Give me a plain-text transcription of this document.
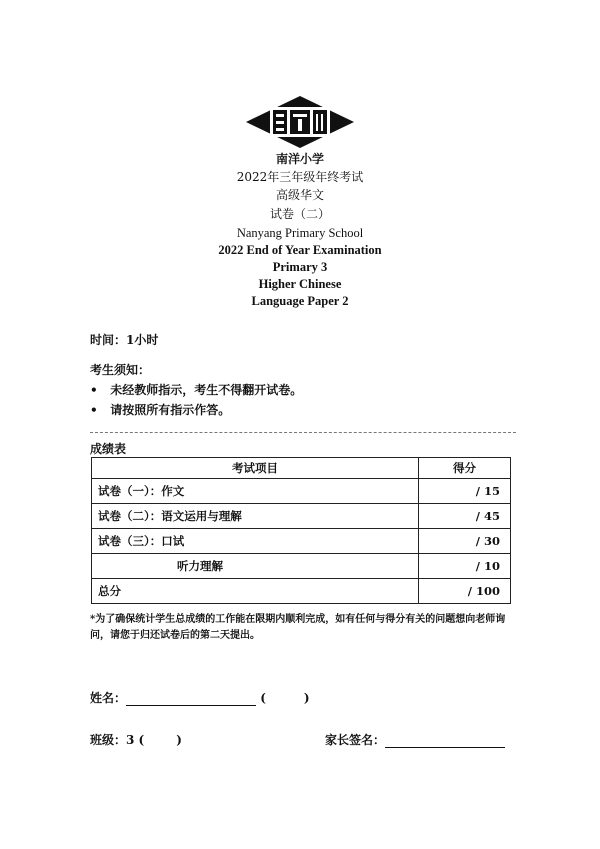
南洋小学
2022年三年级年终考试
高级华文
试卷（二）
Nanyang Primary School
2022 End of Year Examination
Primary 3
Higher Chinese
Language Paper 2
时间：1小时
考生须知：
• 未经教师指示，考生不得翻开试卷。
• 请按照所有指示作答。
成绩表
考试项目	得分
试卷（一）：作文	/ 15
试卷（二）：语文运用与理解	/ 45
试卷（三）：口试	/ 30
听力理解	/ 10
总分	/ 100
*为了确保统计学生总成绩的工作能在限期内顺利完成，如有任何与得分有关的问题想向老师询问，请您于归还试卷后的第二天提出。
姓名：	(	)
班级：3 (	)	家长签名：
